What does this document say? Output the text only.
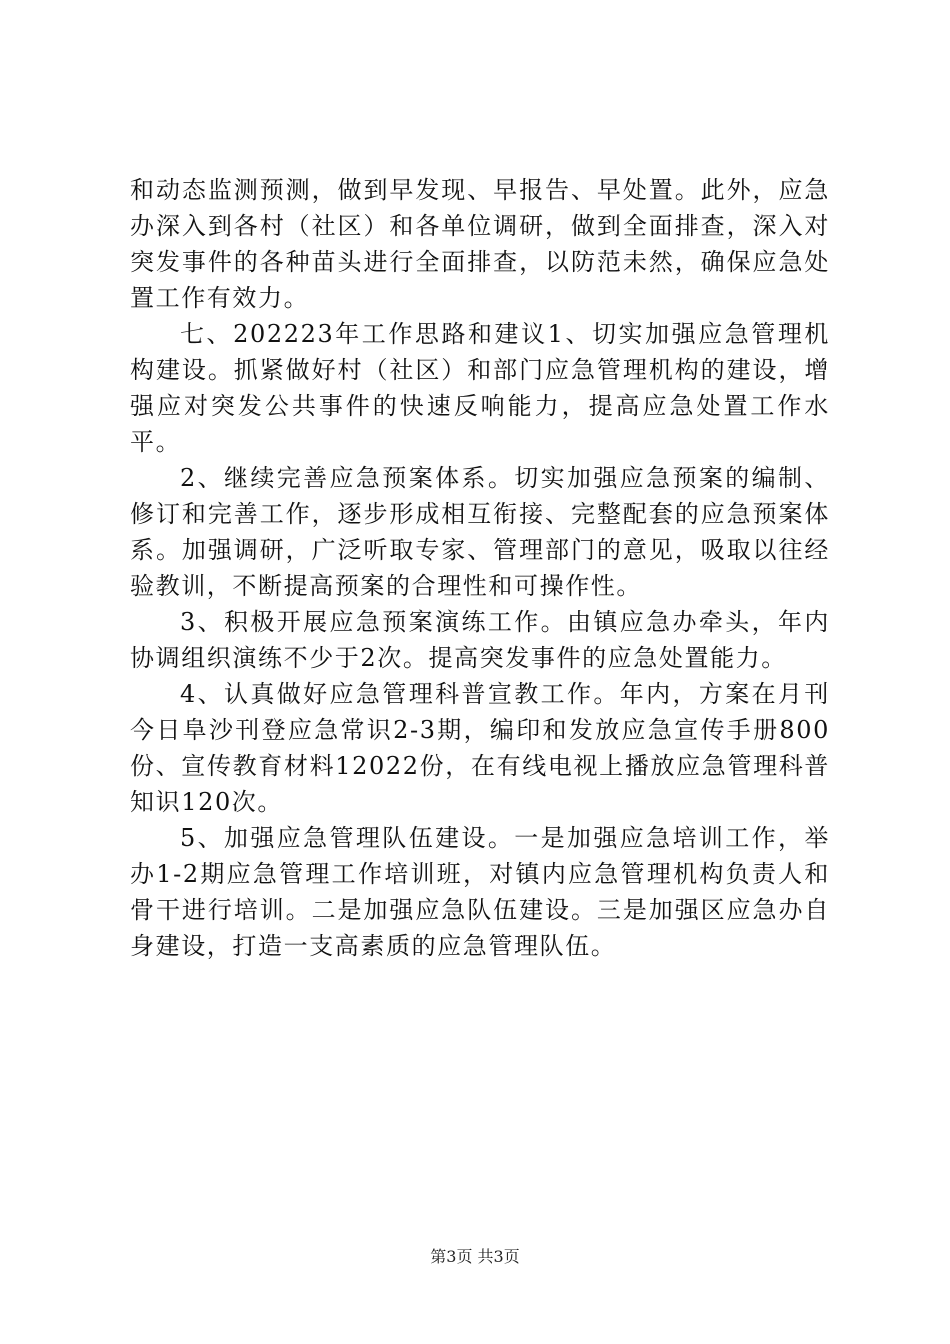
和动态监测预测，做到早发现、早报告、早处置。此外，应急办深入到各村（社区）和各单位调研，做到全面排查，深入对突发事件的各种苗头进行全面排查，以防范未然，确保应急处置工作有效力。

七、202223年工作思路和建议1、切实加强应急管理机构建设。抓紧做好村（社区）和部门应急管理机构的建设，增强应对突发公共事件的快速反响能力，提高应急处置工作水平。

2、继续完善应急预案体系。切实加强应急预案的编制、修订和完善工作，逐步形成相互衔接、完整配套的应急预案体系。加强调研，广泛听取专家、管理部门的意见，吸取以往经验教训，不断提高预案的合理性和可操作性。

3、积极开展应急预案演练工作。由镇应急办牵头，年内协调组织演练不少于2次。提高突发事件的应急处置能力。

4、认真做好应急管理科普宣教工作。年内，方案在月刊今日阜沙刊登应急常识2-3期，编印和发放应急宣传手册800份、宣传教育材料12022份，在有线电视上播放应急管理科普知识120次。

5、加强应急管理队伍建设。一是加强应急培训工作，举办1-2期应急管理工作培训班，对镇内应急管理机构负责人和骨干进行培训。二是加强应急队伍建设。三是加强区应急办自身建设，打造一支高素质的应急管理队伍。

第3页 共3页
